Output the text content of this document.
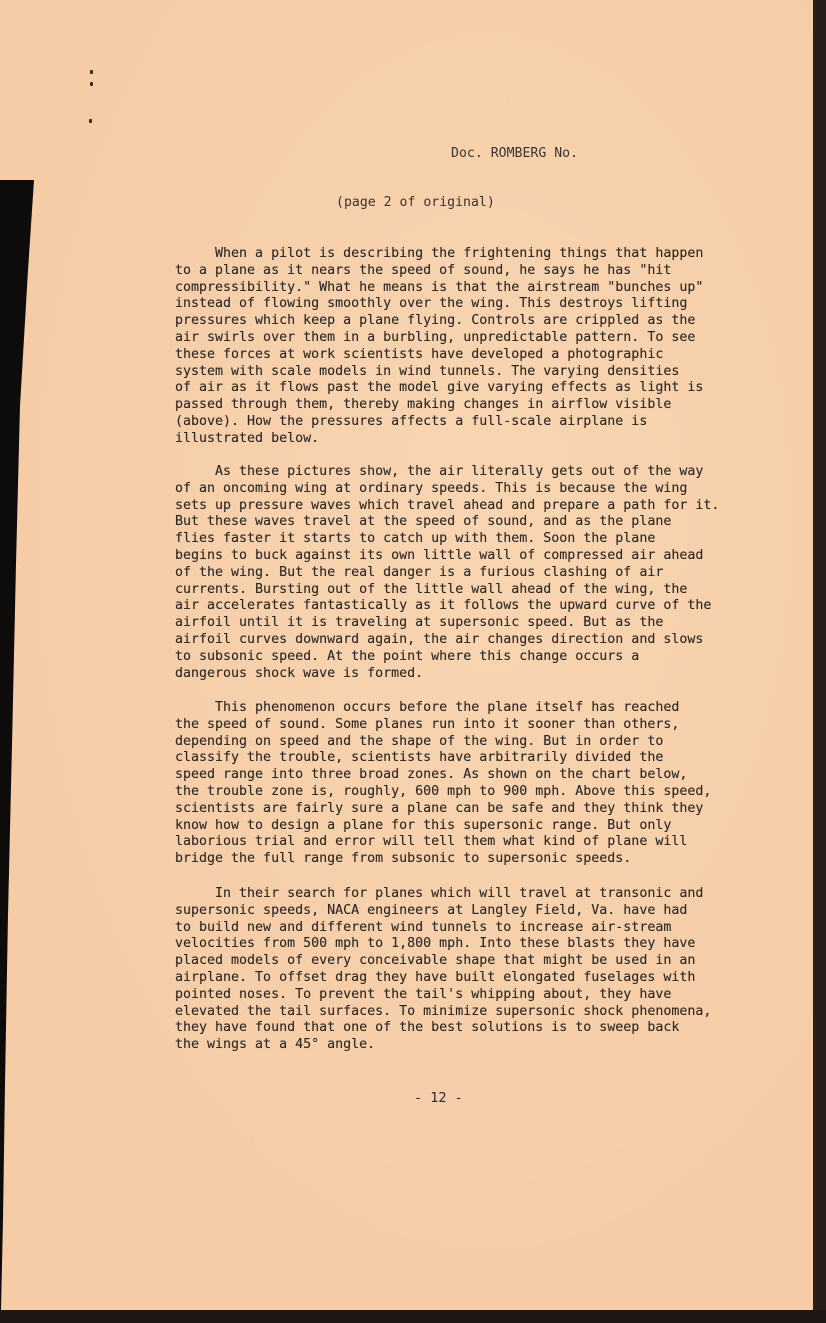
Doc. ROMBERG No.
(page 2 of original)

When a pilot is describing the frightening things that happen
to a plane as it nears the speed of sound, he says he has "hit
compressibility." What he means is that the airstream "bunches up"
instead of flowing smoothly over the wing. This destroys lifting
pressures which keep a plane flying. Controls are crippled as the
air swirls over them in a burbling, unpredictable pattern. To see
these forces at work scientists have developed a photographic
system with scale models in wind tunnels. The varying densities
of air as it flows past the model give varying effects as light is
passed through them, thereby making changes in airflow visible
(above). How the pressures affects a full-scale airplane is
illustrated below.

As these pictures show, the air literally gets out of the way
of an oncoming wing at ordinary speeds. This is because the wing
sets up pressure waves which travel ahead and prepare a path for it.
But these waves travel at the speed of sound, and as the plane
flies faster it starts to catch up with them. Soon the plane
begins to buck against its own little wall of compressed air ahead
of the wing. But the real danger is a furious clashing of air
currents. Bursting out of the little wall ahead of the wing, the
air accelerates fantastically as it follows the upward curve of the
airfoil until it is traveling at supersonic speed. But as the
airfoil curves downward again, the air changes direction and slows
to subsonic speed. At the point where this change occurs a
dangerous shock wave is formed.

This phenomenon occurs before the plane itself has reached
the speed of sound. Some planes run into it sooner than others,
depending on speed and the shape of the wing. But in order to
classify the trouble, scientists have arbitrarily divided the
speed range into three broad zones. As shown on the chart below,
the trouble zone is, roughly, 600 mph to 900 mph. Above this speed,
scientists are fairly sure a plane can be safe and they think they
know how to design a plane for this supersonic range. But only
laborious trial and error will tell them what kind of plane will
bridge the full range from subsonic to supersonic speeds.

In their search for planes which will travel at transonic and
supersonic speeds, NACA engineers at Langley Field, Va. have had
to build new and different wind tunnels to increase air-stream
velocities from 500 mph to 1,800 mph. Into these blasts they have
placed models of every conceivable shape that might be used in an
airplane. To offset drag they have built elongated fuselages with
pointed noses. To prevent the tail's whipping about, they have
elevated the tail surfaces. To minimize supersonic shock phenomena,
they have found that one of the best solutions is to sweep back
the wings at a 45° angle.

- 12 -
